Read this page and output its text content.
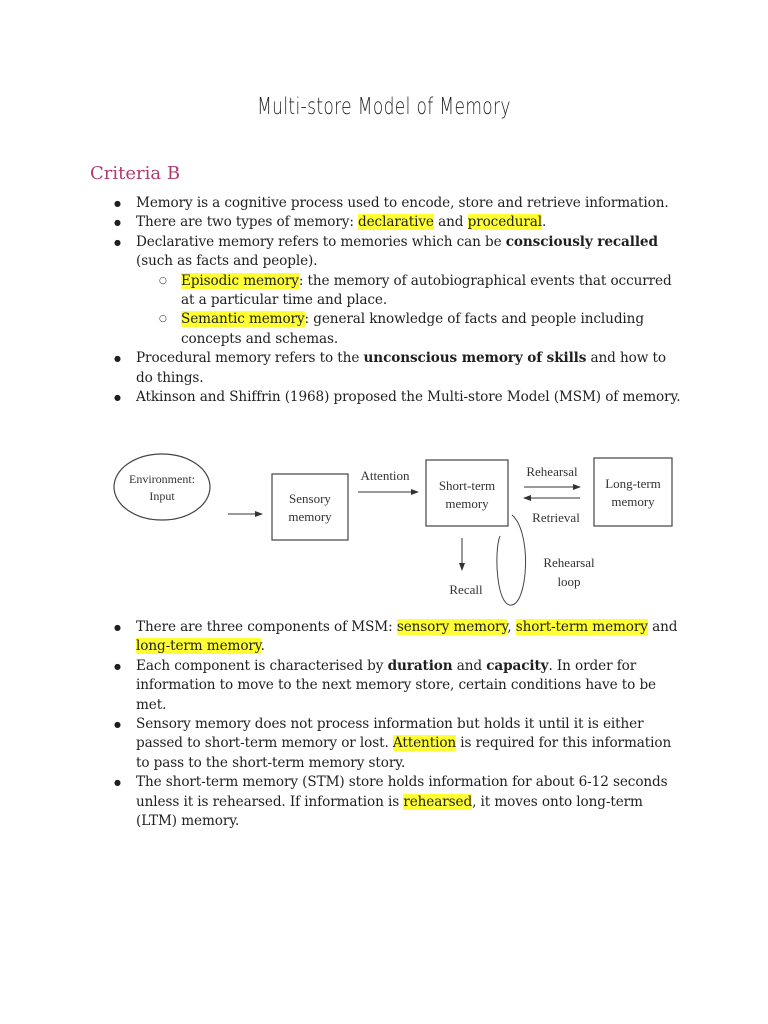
Multi-store Model of Memory
Criteria B
● Memory is a cognitive process used to encode, store and retrieve information.
● There are two types of memory: declarative and procedural.
● Declarative memory refers to memories which can be consciously recalled (such as facts and people).
○ Episodic memory: the memory of autobiographical events that occurred at a particular time and place.
○ Semantic memory: general knowledge of facts and people including concepts and schemas.
● Procedural memory refers to the unconscious memory of skills and how to do things.
● Atkinson and Shiffrin (1968) proposed the Multi-store Model (MSM) of memory.
Environment:
Input	Sensory
memory
Attention
Short-term
memory
Rehearsal
Retrieval
Long-term
memory
Recall
Rehearsal
loop
● There are three components of MSM: sensory memory, short-term memory and long-term memory.
● Each component is characterised by duration and capacity. In order for information to move to the next memory store, certain conditions have to be met.
● Sensory memory does not process information but holds it until it is either passed to short-term memory or lost. Attention is required for this information to pass to the short-term memory story.
● The short-term memory (STM) store holds information for about 6-12 seconds unless it is rehearsed. If information is rehearsed, it moves onto long-term (LTM) memory.
